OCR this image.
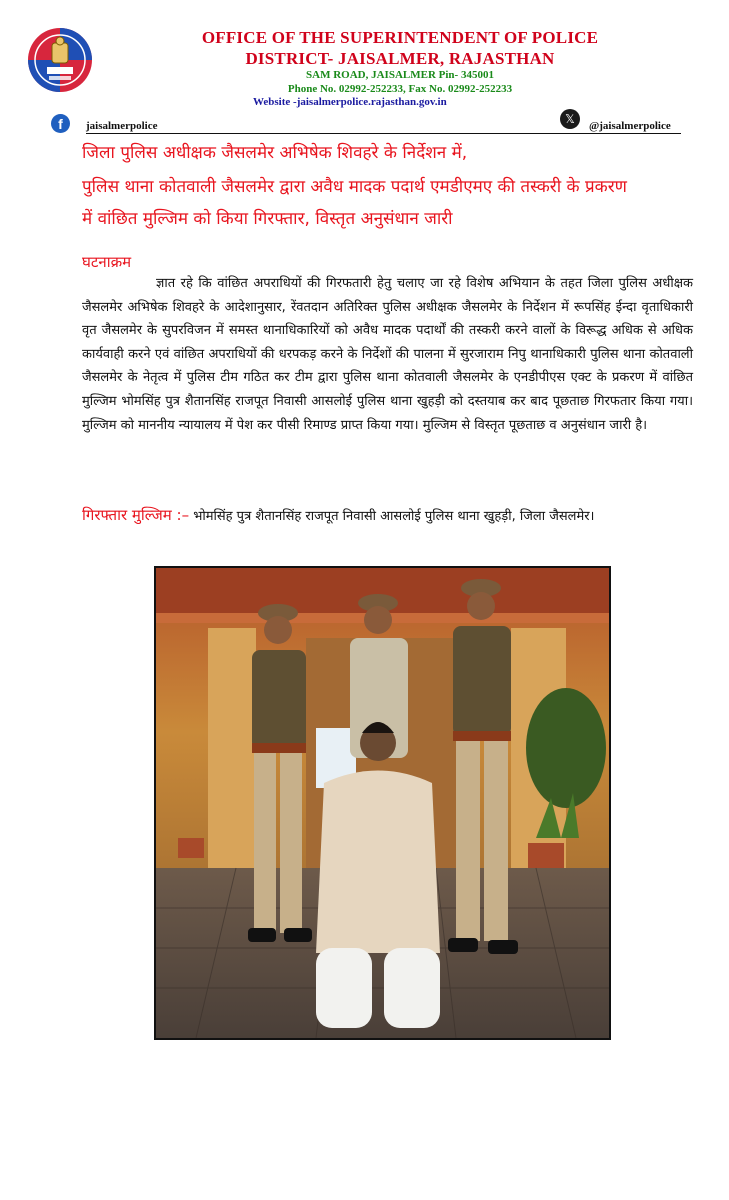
OFFICE OF THE SUPERINTENDENT OF POLICE
DISTRICT- JAISALMER, RAJASTHAN
SAM ROAD, JAISALMER Pin- 345001
Phone No. 02992-252233, Fax No. 02992-252233
Website -jaisalmerpolice.rajasthan.gov.in
f	jaisalmerpolice	𝕏	@jaisalmerpolice
जिला पुलिस अधीक्षक जैसलमेर अभिषेक शिवहरे के निर्देशन में,
पुलिस थाना कोतवाली जैसलमेर द्वारा अवैध मादक पदार्थ एमडीएमए की तस्करी के प्रकरण
में वांछित मुल्जिम को किया गिरफ्तार, विस्तृत अनुसंधान जारी
घटनाक्रम
ज्ञात रहे कि वांछित अपराधियों की गिरफतारी हेतु चलाए जा रहे विशेष अभियान के तहत जिला पुलिस अधीक्षक जैसलमेर अभिषेक शिवहरे के आदेशानुसार, रेंवतदान अतिरिक्त पुलिस अधीक्षक जैसलमेर के निर्देशन में रूपसिंह ईन्दा वृताधिकारी वृत जैसलमेर के सुपरविजन में समस्त थानाधिकारियों को अवैध मादक पदार्थों की तस्करी करने वालों के विरूद्ध अधिक से अधिक कार्यवाही करने एवं वांछित अपराधियों की धरपकड़ करने के निर्देशों की पालना में सुरजाराम निपु थानाधिकारी पुलिस थाना कोतवाली जैसलमेर के नेतृत्व में पुलिस टीम गठित कर टीम द्वारा पुलिस थाना कोतवाली जैसलमेर के एनडीपीएस एक्ट के प्रकरण में वांछित मुल्जिम भोमसिंह पुत्र शैतानसिंह राजपूत निवासी आसलोई पुलिस थाना खुहड़ी को दस्तयाब कर बाद पूछताछ गिरफतार किया गया। मुल्जिम को माननीय न्यायालय में पेश कर पीसी रिमाण्ड प्राप्त किया गया। मुल्जिम से विस्तृत पूछताछ व अनुसंधान जारी है।
गिरफ्तार मुल्जिम :– भोमसिंह पुत्र शैतानसिंह राजपूत निवासी आसलोई पुलिस थाना खुहड़ी, जिला जैसलमेर।
